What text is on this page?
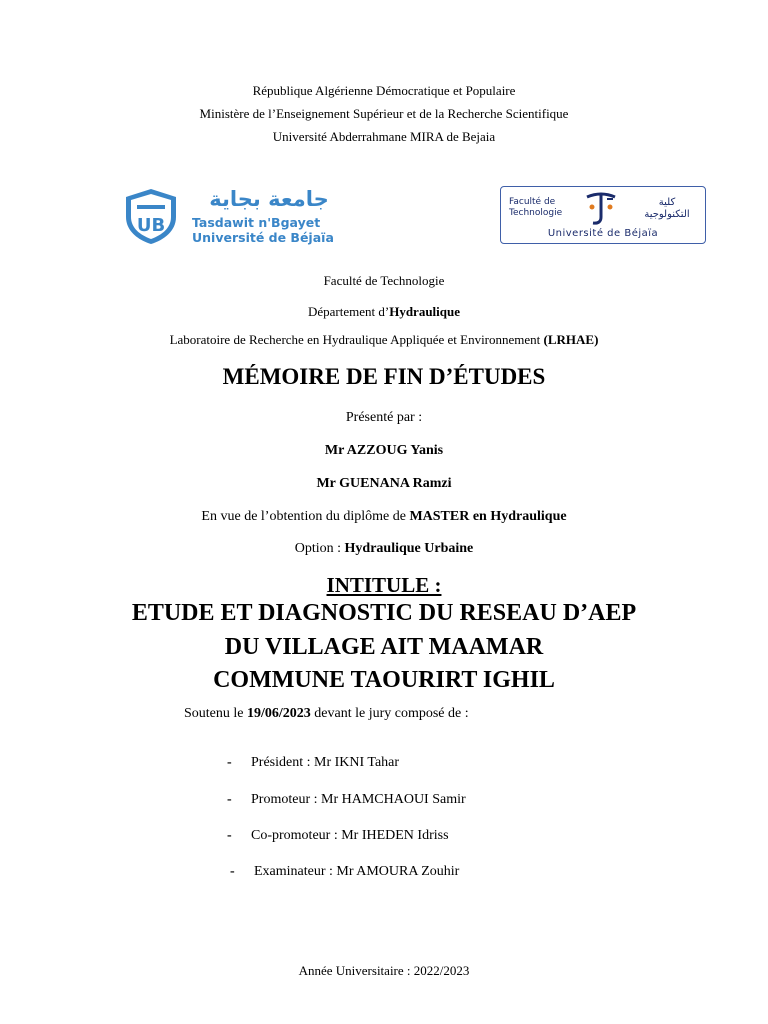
République Algérienne Démocratique et Populaire
Ministère de l’Enseignement Supérieur et de la Recherche Scientifique
Université Abderrahmane MIRA de Bejaia
UB
جامعة بجاية
Tasdawit n'Bgayet
Université de Béjaïa
Faculté de
Technologie
كلية
التكنولوجية
Université de Béjaïa
Faculté de Technologie
Département d’Hydraulique
Laboratoire de Recherche en Hydraulique Appliquée et Environnement (LRHAE)
MÉMOIRE DE FIN D’ÉTUDES
Présenté par :
Mr AZZOUG Yanis
Mr GUENANA Ramzi
En vue de l’obtention du diplôme de MASTER en Hydraulique
Option : Hydraulique Urbaine
INTITULE :
ETUDE ET DIAGNOSTIC DU RESEAU D’AEP
DU VILLAGE AIT MAAMAR
COMMUNE TAOURIRT IGHIL
Soutenu le 19/06/2023 devant le jury composé de :
- Président : Mr IKNI Tahar
- Promoteur : Mr HAMCHAOUI Samir
- Co-promoteur : Mr IHEDEN Idriss
- Examinateur : Mr AMOURA Zouhir
Année Universitaire : 2022/2023
